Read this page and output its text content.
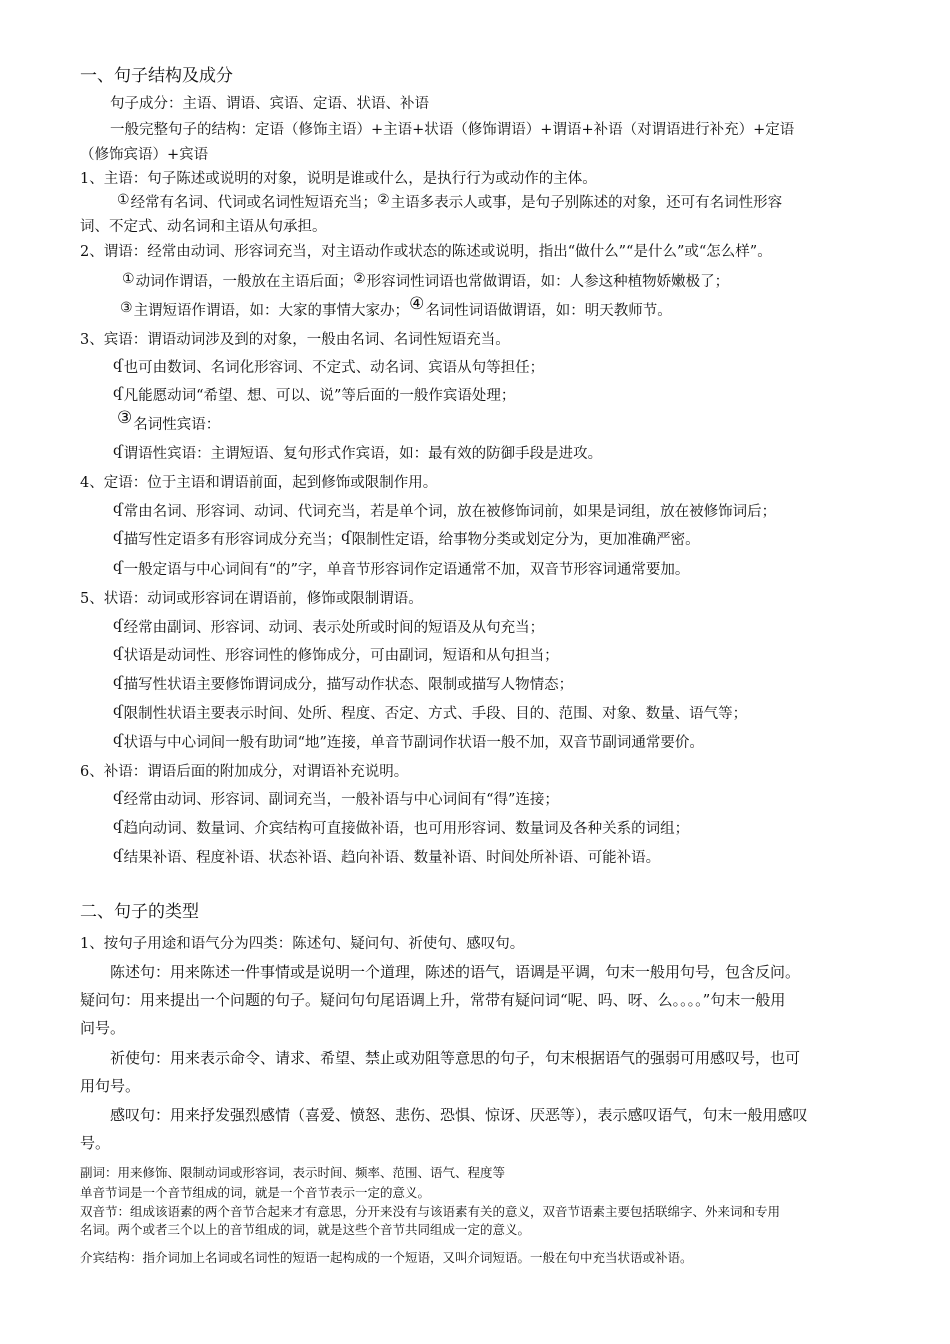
一、句子结构及成分
句子成分：主语、谓语、宾语、定语、状语、补语
一般完整句子的结构：定语（修饰主语）+主语+状语（修饰谓语）+谓语+补语（对谓语进行补充）+定语
（修饰宾语）+宾语
1、主语：句子陈述或说明的对象，说明是谁或什么，是执行行为或动作的主体。
①经常有名词、代词或名词性短语充当；②主语多表示人或事，是句子别陈述的对象，还可有名词性形容
词、不定式、动名词和主语从句承担。
2、谓语：经常由动词、形容词充当，对主语动作或状态的陈述或说明，指出“做什么”“是什么”或“怎么样”。
①动词作谓语，一般放在主语后面；②形容词性词语也常做谓语，如：人参这种植物娇嫩极了；
③主谓短语作谓语，如：大家的事情大家办；④名词性词语做谓语，如：明天教师节。
3、宾语：谓语动词涉及到的对象，一般由名词、名词性短语充当。
ʠ也可由数词、名词化形容词、不定式、动名词、宾语从句等担任；
ʠ凡能愿动词“希望、想、可以、说”等后面的一般作宾语处理；
③名词性宾语：
ʠ谓语性宾语：主谓短语、复句形式作宾语，如：最有效的防御手段是进攻。
4、定语：位于主语和谓语前面，起到修饰或限制作用。
ʠ常由名词、形容词、动词、代词充当，若是单个词，放在被修饰词前，如果是词组，放在被修饰词后；
ʠ描写性定语多有形容词成分充当；ʠ限制性定语，给事物分类或划定分为，更加准确严密。
ʠ一般定语与中心词间有“的”字，单音节形容词作定语通常不加，双音节形容词通常要加。
5、状语：动词或形容词在谓语前，修饰或限制谓语。
ʠ经常由副词、形容词、动词、表示处所或时间的短语及从句充当；
ʠ状语是动词性、形容词性的修饰成分，可由副词，短语和从句担当；
ʠ描写性状语主要修饰谓词成分，描写动作状态、限制或描写人物情态；
ʠ限制性状语主要表示时间、处所、程度、否定、方式、手段、目的、范围、对象、数量、语气等；
ʠ状语与中心词间一般有助词“地”连接，单音节副词作状语一般不加，双音节副词通常要价。
6、补语：谓语后面的附加成分，对谓语补充说明。
ʠ经常由动词、形容词、副词充当，一般补语与中心词间有“得”连接；
ʠ趋向动词、数量词、介宾结构可直接做补语，也可用形容词、数量词及各种关系的词组；
ʠ结果补语、程度补语、状态补语、趋向补语、数量补语、时间处所补语、可能补语。
二、句子的类型
1、按句子用途和语气分为四类：陈述句、疑问句、祈使句、感叹句。
陈述句：用来陈述一件事情或是说明一个道理，陈述的语气，语调是平调，句末一般用句号，包含反问。
疑问句：用来提出一个问题的句子。疑问句句尾语调上升，常带有疑问词“呢、吗、呀、么。。。。”句末一般用
问号。
祈使句：用来表示命令、请求、希望、禁止或劝阻等意思的句子，句末根据语气的强弱可用感叹号，也可
用句号。
感叹句：用来抒发强烈感情（喜爱、愤怒、悲伤、恐惧、惊讶、厌恶等），表示感叹语气，句末一般用感叹
号。
副词：用来修饰、限制动词或形容词，表示时间、频率、范围、语气、程度等
单音节词是一个音节组成的词，就是一个音节表示一定的意义。
双音节：组成该语素的两个音节合起来才有意思，分开来没有与该语素有关的意义，双音节语素主要包括联绵字、外来词和专用
名词。两个或者三个以上的音节组成的词，就是这些个音节共同组成一定的意义。
介宾结构：指介词加上名词或名词性的短语一起构成的一个短语，又叫介词短语。一般在句中充当状语或补语。
